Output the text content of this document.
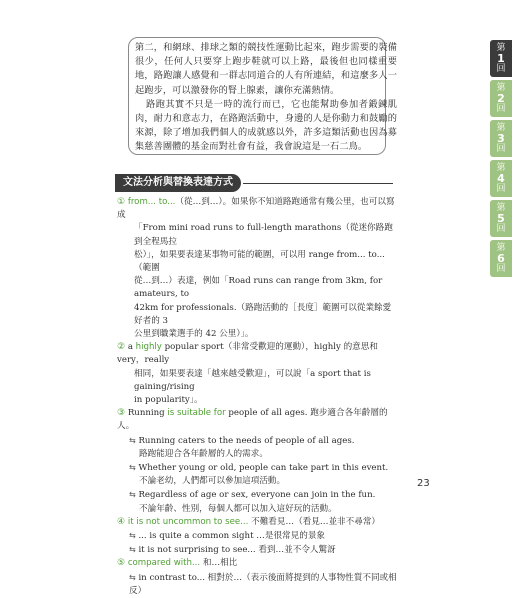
第
1
回
第
2
回
第
3
回
第
4
回
第
5
回
第
6
回

第二，和網球、排球之類的競技性運動比起來，跑步需要的裝備很少，任何人只要穿上跑步鞋就可以上路，最後但也同樣重要地，路跑讓人感覺和一群志同道合的人有所連結，和這麼多人一起跑步，可以激發你的腎上腺素，讓你充滿熱情。

路跑其實不只是一時的流行而已，它也能幫助參加者鍛鍊肌肉，耐力和意志力，在路跑活動中，身邊的人是你動力和鼓勵的來源，除了增加我們個人的成就感以外，許多這類活動也因為募集慈善團體的基金而對社會有益，我會說這是一石二鳥。

文法分析與替換表達方式
① from... to...（從…到…）。如果你不知道路跑通常有幾公里，也可以寫成
「From mini road runs to full-length marathons（從迷你路跑到全程馬拉
松）」，如果要表達某事物可能的範圍，可以用 range from... to...（範圍
從…到…）表達，例如「Road runs can range from 3km, for amateurs, to
42km for professionals.（路跑活動的［長度］範圍可以從業餘愛好者的 3
公里到職業選手的 42 公里）」。
② a highly popular sport（非常受歡迎的運動），highly 的意思和 very，really
相同，如果要表達「越來越受歡迎」，可以說「a sport that is gaining/rising
in popularity」。
③ Running is suitable for people of all ages. 跑步適合各年齡層的人。
⇆ Running caters to the needs of people of all ages.
路跑能迎合各年齡層的人的需求。
⇆ Whether young or old, people can take part in this event.
不論老幼，人們都可以參加這項活動。
⇆ Regardless of age or sex, everyone can join in the fun.
不論年齡、性別，每個人都可以加入這好玩的活動。
④ it is not uncommon to see... 不難看見…（看見…並非不尋常）
⇆ ... is quite a common sight …是很常見的景象
⇆ it is not surprising to see... 看到…並不令人驚訝
⑤ compared with... 和…相比
⇆ in contrast to... 相對於…（表示後面將提到的人事物性質不同或相反）
23
